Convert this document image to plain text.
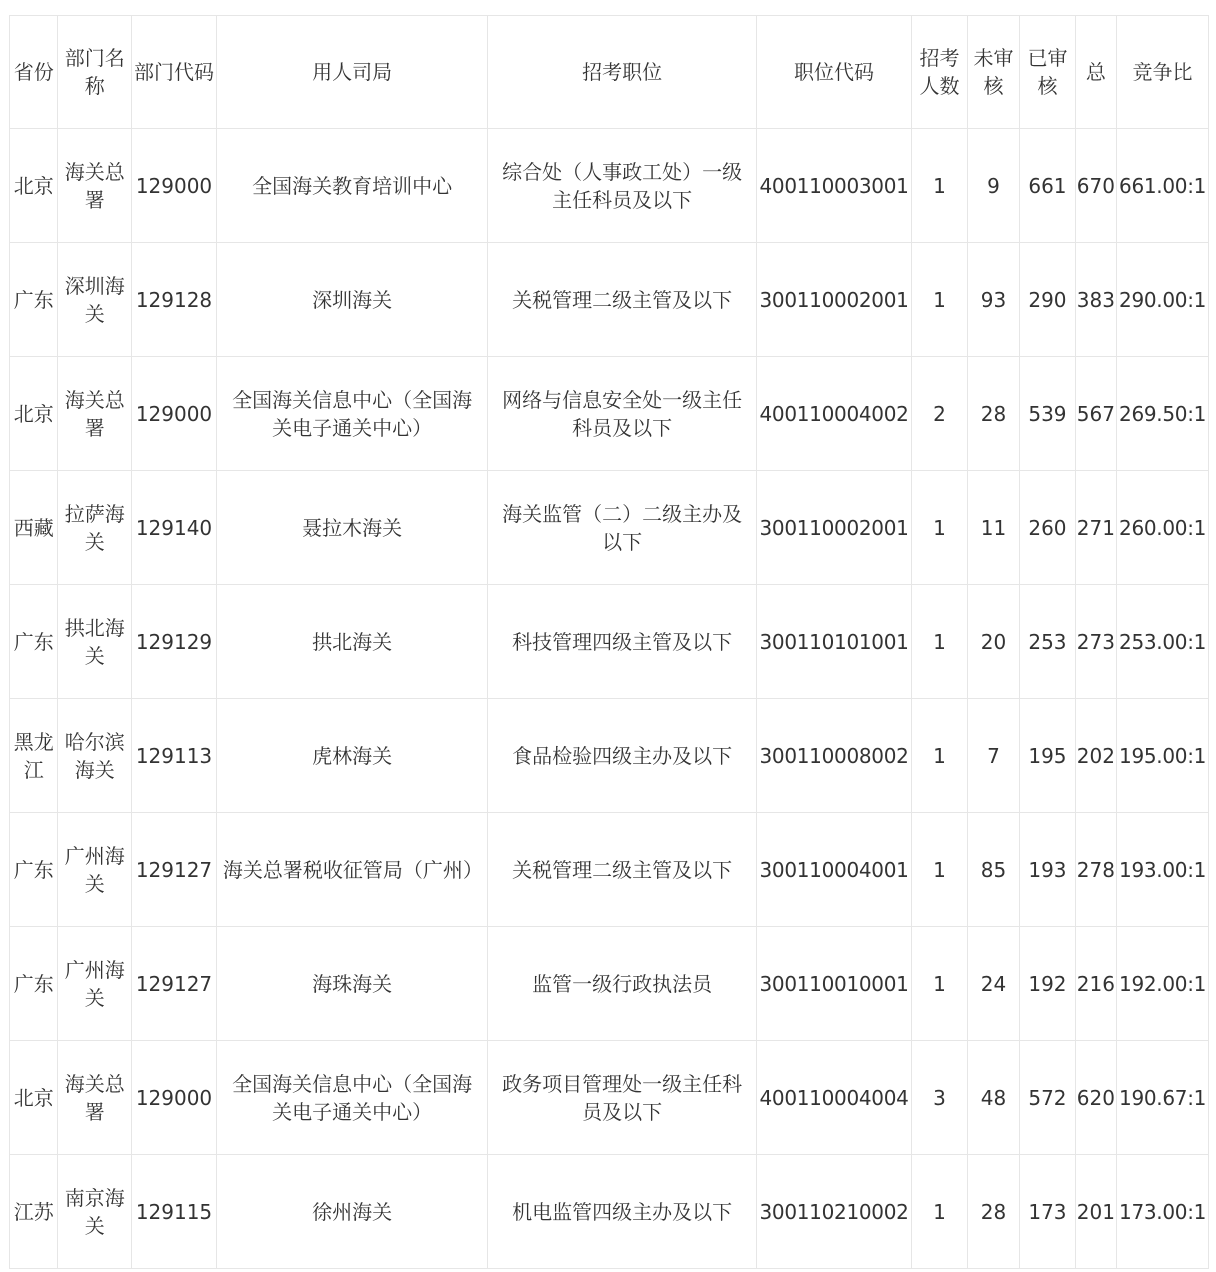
省份	部门名称	部门代码	用人司局	招考职位	职位代码	招考人数	未审核	已审核	总	竞争比
北京	海关总署	129000	全国海关教育培训中心	综合处（人事政工处）一级主任科员及以下	400110003001	1	9	661	670	661.00:1
广东	深圳海关	129128	深圳海关	关税管理二级主管及以下	300110002001	1	93	290	383	290.00:1
北京	海关总署	129000	全国海关信息中心（全国海关电子通关中心）	网络与信息安全处一级主任科员及以下	400110004002	2	28	539	567	269.50:1
西藏	拉萨海关	129140	聂拉木海关	海关监管（二）二级主办及以下	300110002001	1	11	260	271	260.00:1
广东	拱北海关	129129	拱北海关	科技管理四级主管及以下	300110101001	1	20	253	273	253.00:1
黑龙江	哈尔滨海关	129113	虎林海关	食品检验四级主办及以下	300110008002	1	7	195	202	195.00:1
广东	广州海关	129127	海关总署税收征管局（广州）	关税管理二级主管及以下	300110004001	1	85	193	278	193.00:1
广东	广州海关	129127	海珠海关	监管一级行政执法员	300110010001	1	24	192	216	192.00:1
北京	海关总署	129000	全国海关信息中心（全国海关电子通关中心）	政务项目管理处一级主任科员及以下	400110004004	3	48	572	620	190.67:1
江苏	南京海关	129115	徐州海关	机电监管四级主办及以下	300110210002	1	28	173	201	173.00:1
